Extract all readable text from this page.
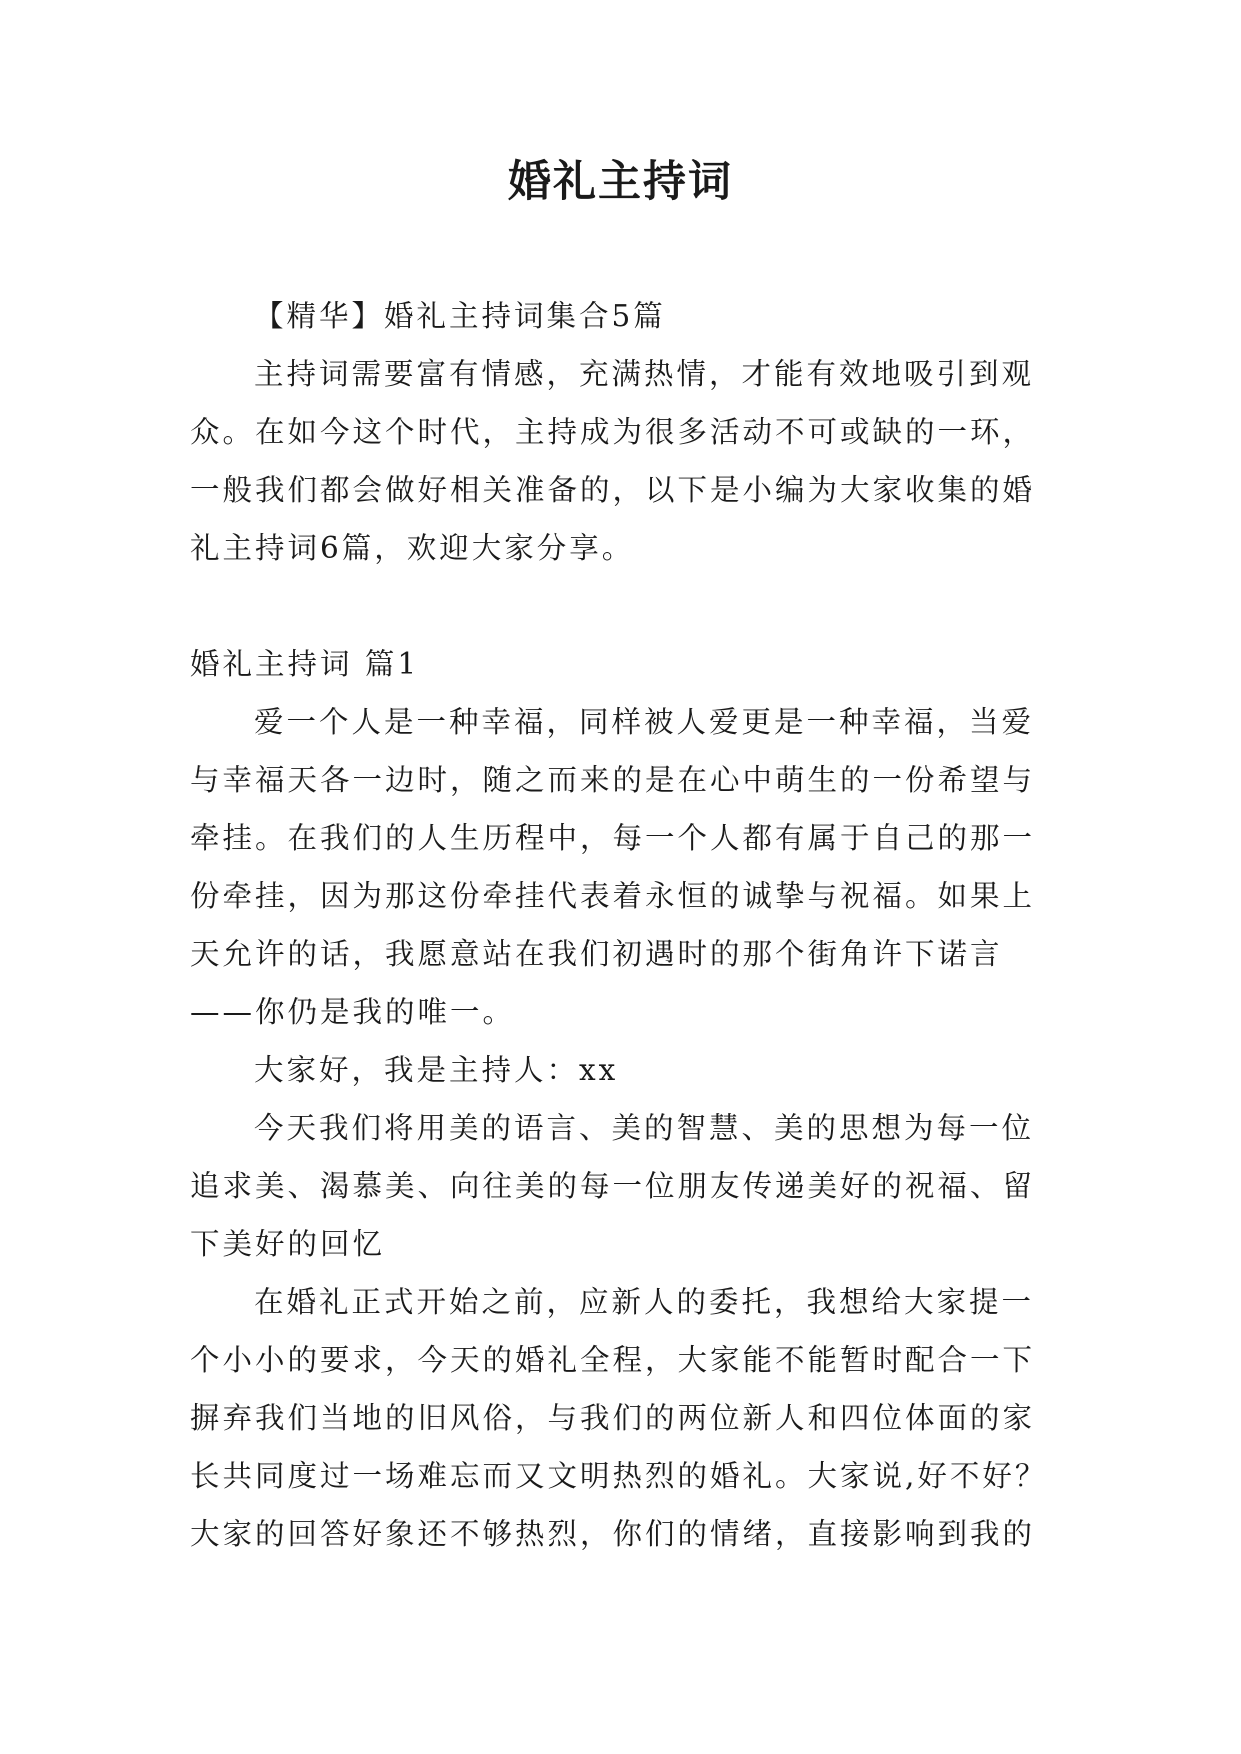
婚礼主持词

【精华】婚礼主持词集合5篇

主持词需要富有情感，充满热情，才能有效地吸引到观众。在如今这个时代，主持成为很多活动不可或缺的一环，一般我们都会做好相关准备的，以下是小编为大家收集的婚礼主持词6篇，欢迎大家分享。

婚礼主持词 篇1

爱一个人是一种幸福，同样被人爱更是一种幸福，当爱与幸福天各一边时，随之而来的是在心中萌生的一份希望与牵挂。在我们的人生历程中，每一个人都有属于自己的那一份牵挂，因为那这份牵挂代表着永恒的诚挚与祝福。如果上天允许的话，我愿意站在我们初遇时的那个街角许下诺言

——你仍是我的唯一。

大家好，我是主持人：xx

今天我们将用美的语言、美的智慧、美的思想为每一位追求美、渴慕美、向往美的每一位朋友传递美好的祝福、留下美好的回忆

在婚礼正式开始之前，应新人的委托，我想给大家提一个小小的要求，今天的婚礼全程，大家能不能暂时配合一下摒弃我们当地的旧风俗，与我们的两位新人和四位体面的家长共同度过一场难忘而又文明热烈的婚礼。大家说,好不好？大家的回答好象还不够热烈，你们的情绪，直接影响到我的
